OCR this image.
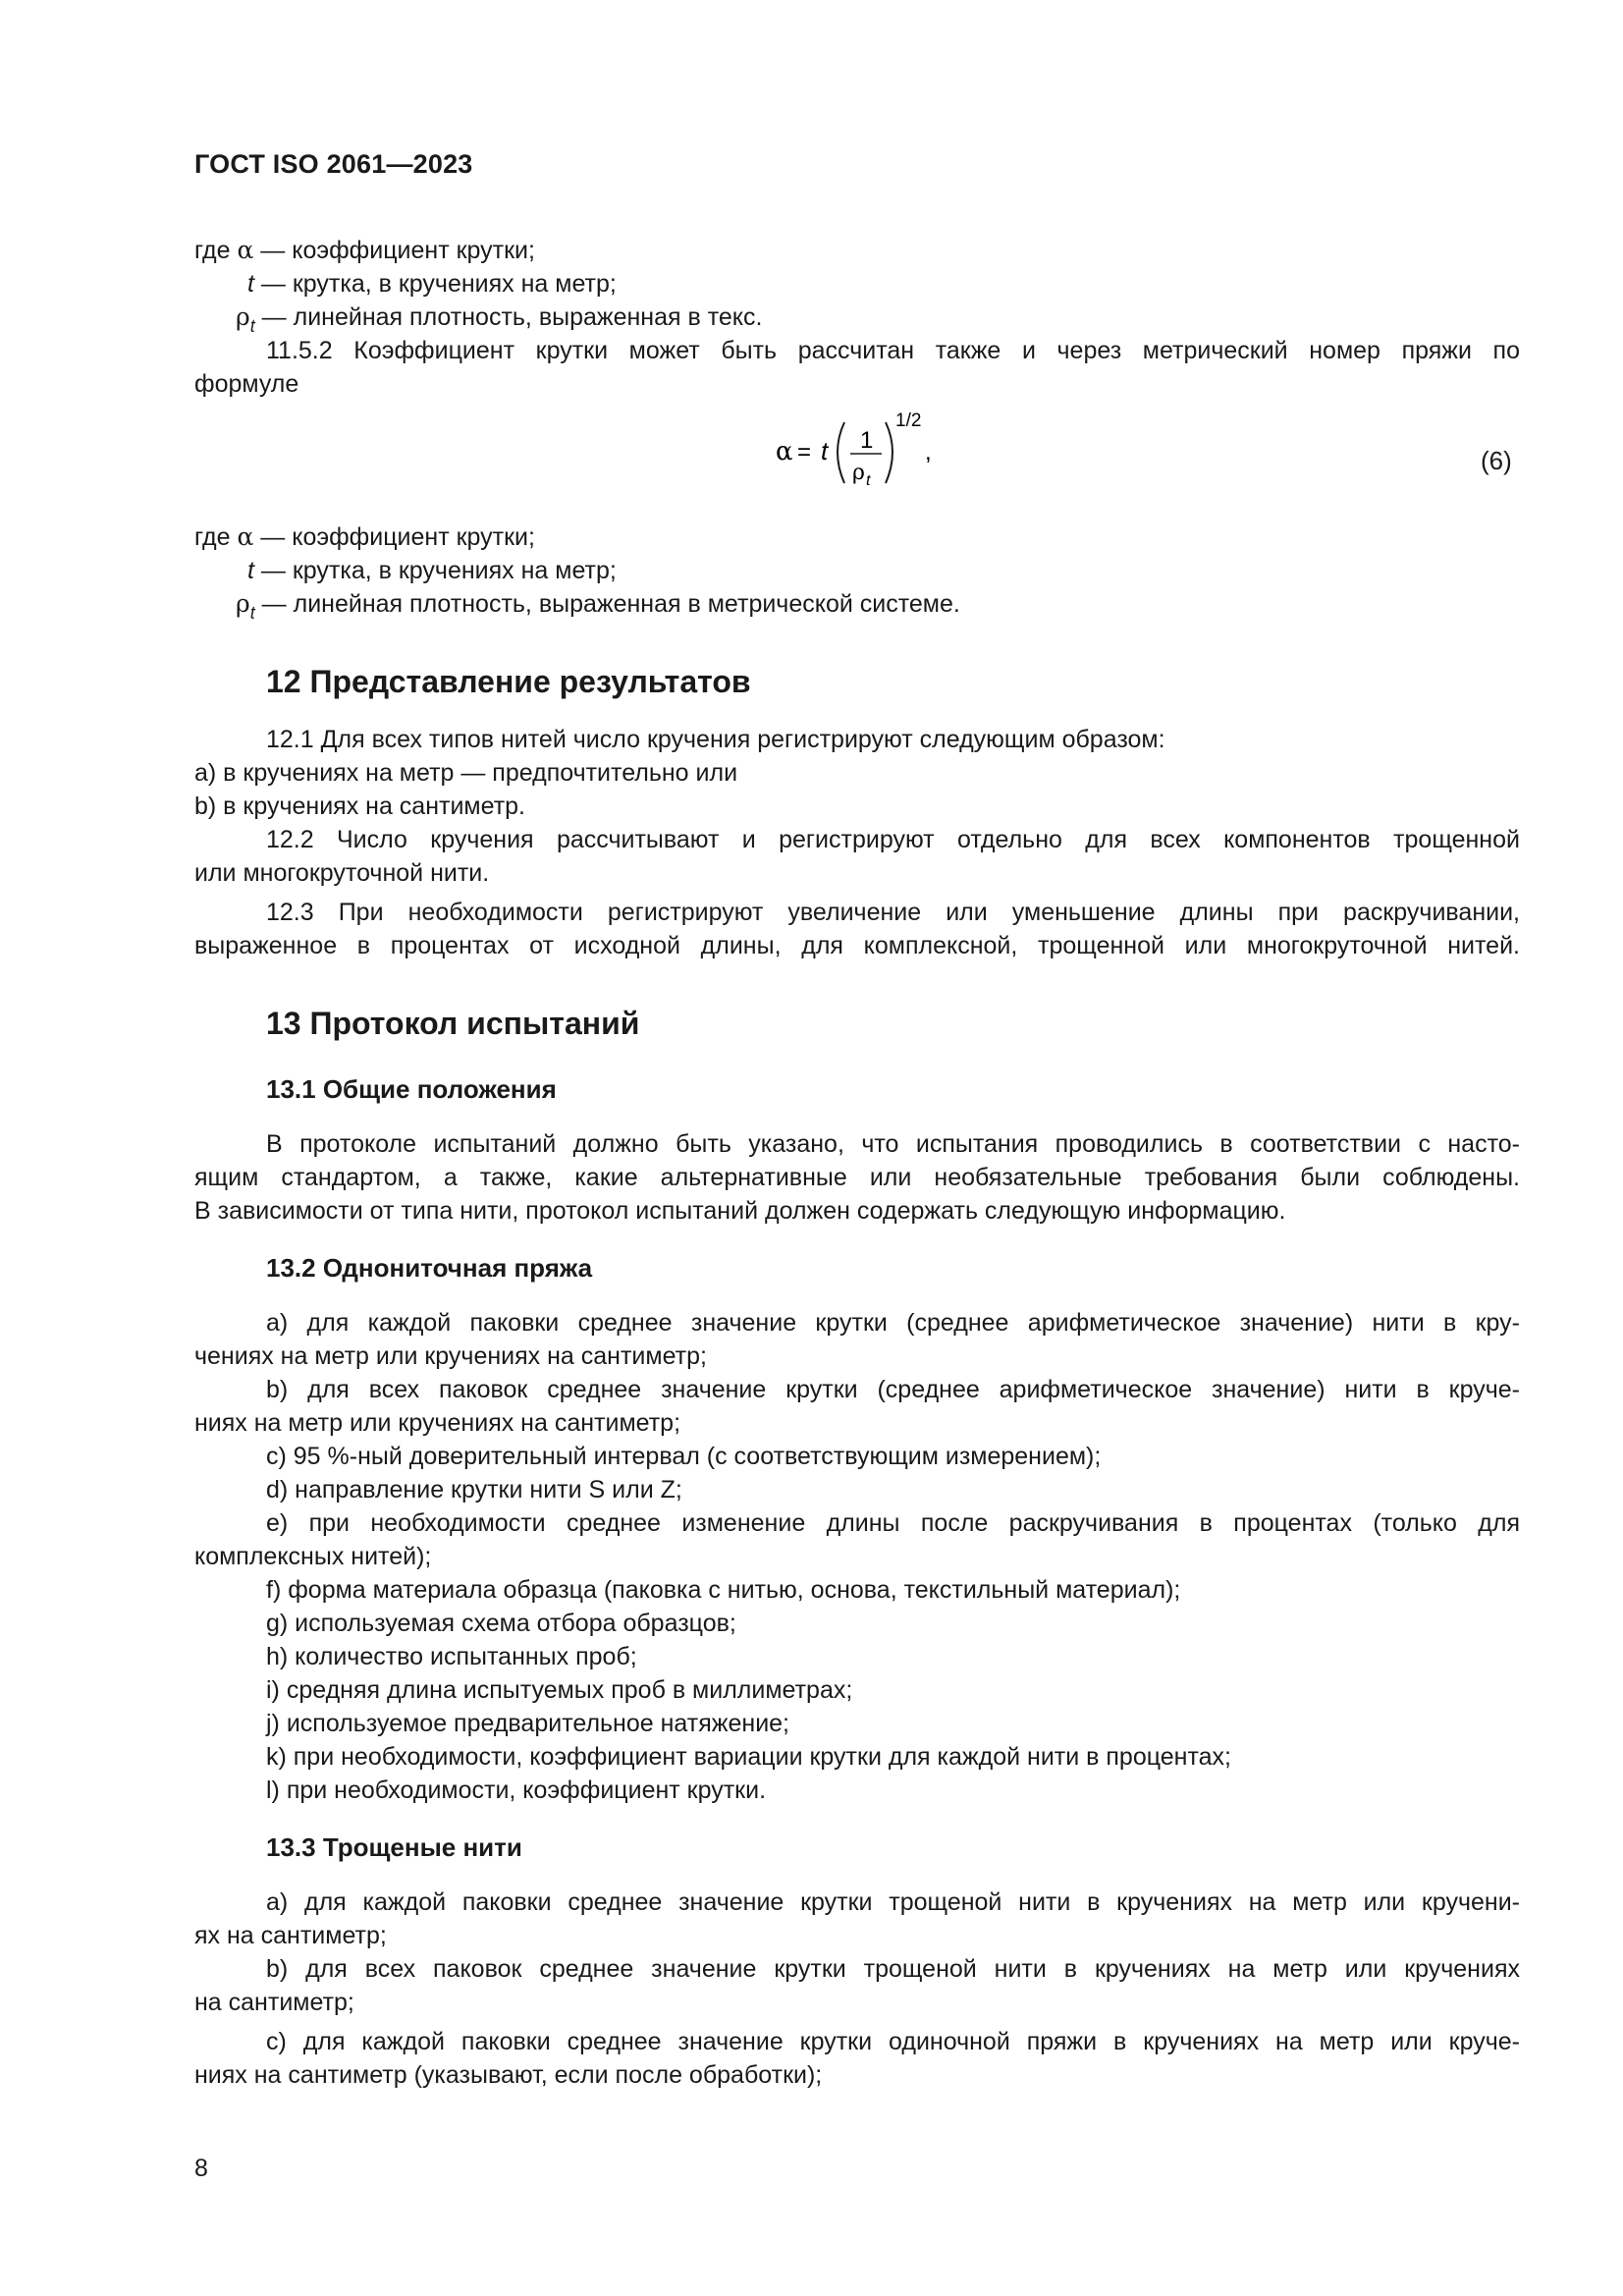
ГОСТ ISO 2061—2023
где α — коэффициент крутки;
t — крутка, в кручениях на метр;
$\rho_t$ — линейная плотность, выраженная в текс.
11.5.2 Коэффициент крутки может быть рассчитан также и через метрический номер пряжи по
формуле
α = t 1
ρ t
1/2
,	(6)
где α — коэффициент крутки;
t — крутка, в кручениях на метр;
$\rho_t$ — линейная плотность, выраженная в метрической системе.
12 Представление результатов
12.1 Для всех типов нитей число кручения регистрируют следующим образом:
а) в кручениях на метр — предпочтительно или
b) в кручениях на сантиметр.
12.2 Число кручения рассчитывают и регистрируют отдельно для всех компонентов трощенной
или многокруточной нити.
12.3 При необходимости регистрируют увеличение или уменьшение длины при раскручивании,
выраженное в процентах от исходной длины, для комплексной, трощенной или многокруточной нитей.
13 Протокол испытаний
13.1 Общие положения
В протоколе испытаний должно быть указано, что испытания проводились в соответствии с насто-
ящим стандартом, а также, какие альтернативные или необязательные требования были соблюдены.
В зависимости от типа нити, протокол испытаний должен содержать следующую информацию.
13.2 Однониточная пряжа
а) для каждой паковки среднее значение крутки (среднее арифметическое значение) нити в кру-
чениях на метр или кручениях на сантиметр;
b) для всех паковок среднее значение крутки (среднее арифметическое значение) нити в круче-
ниях на метр или кручениях на сантиметр;
c) 95 %-ный доверительный интервал (с соответствующим измерением);
d) направление крутки нити S или Z;
e) при необходимости среднее изменение длины после раскручивания в процентах (только для
комплексных нитей);
f) форма материала образца (паковка с нитью, основа, текстильный материал);
g) используемая схема отбора образцов;
h) количество испытанных проб;
i) средняя длина испытуемых проб в миллиметрах;
j) используемое предварительное натяжение;
k) при необходимости, коэффициент вариации крутки для каждой нити в процентах;
l) при необходимости, коэффициент крутки.
13.3 Трощеные нити
а) для каждой паковки среднее значение крутки трощеной нити в кручениях на метр или кручени-
ях на сантиметр;
b) для всех паковок среднее значение крутки трощеной нити в кручениях на метр или кручениях
на сантиметр;
c) для каждой паковки среднее значение крутки одиночной пряжи в кручениях на метр или круче-
ниях на сантиметр (указывают, если после обработки);
8
